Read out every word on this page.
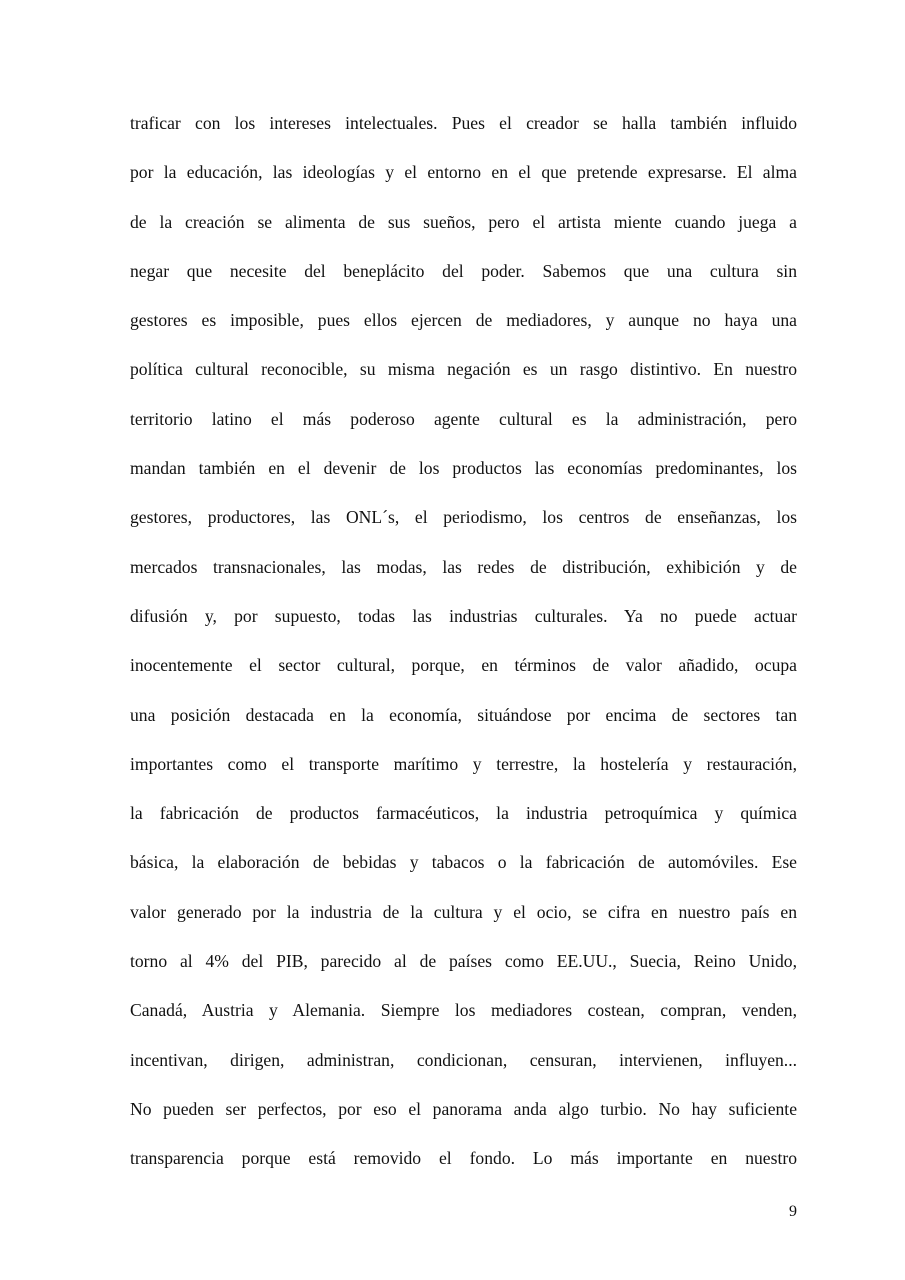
traficar con los intereses intelectuales. Pues el creador se halla también influido
por la educación, las ideologías y el entorno en el que pretende expresarse. El alma
de la creación se alimenta de sus sueños, pero el artista miente cuando juega a
negar que necesite del beneplácito del poder. Sabemos que una cultura sin
gestores es imposible, pues ellos ejercen de mediadores, y aunque no haya una
política cultural reconocible, su misma negación es un rasgo distintivo. En nuestro
territorio latino el más poderoso agente cultural es la administración, pero
mandan también en el devenir de los productos las economías predominantes, los
gestores, productores, las ONL´s, el periodismo, los centros de enseñanzas, los
mercados transnacionales, las modas, las redes de distribución, exhibición y de
difusión y, por supuesto, todas las industrias culturales. Ya no puede actuar
inocentemente el sector cultural, porque, en términos de valor añadido, ocupa
una posición destacada en la economía, situándose por encima de sectores tan
importantes como el transporte marítimo y terrestre, la hostelería y restauración,
la fabricación de productos farmacéuticos, la industria petroquímica y química
básica, la elaboración de bebidas y tabacos o la fabricación de automóviles. Ese
valor generado por la industria de la cultura y el ocio, se cifra en nuestro país en
torno al 4% del PIB, parecido al de países como EE.UU., Suecia, Reino Unido,
Canadá, Austria y Alemania. Siempre los mediadores costean, compran, venden,
incentivan, dirigen, administran, condicionan, censuran, intervienen, influyen...
No pueden ser perfectos, por eso el panorama anda algo turbio. No hay suficiente
transparencia porque está removido el fondo. Lo más importante en nuestro
9
